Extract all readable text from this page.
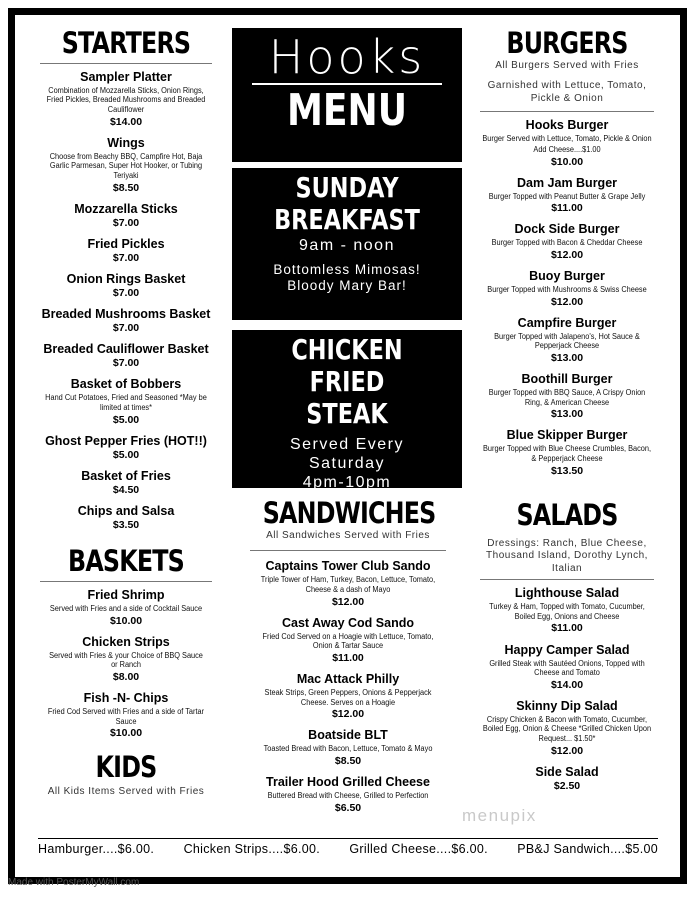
STARTERS
Sampler Platter
Combination of Mozzarella Sticks, Onion Rings, Fried Pickles, Breaded Mushrooms and Breaded Cauliflower
$14.00
Wings
Choose from Beachy BBQ, Campfire Hot, Baja Garlic Parmesan, Super Hot Hooker, or Tubing Teriyaki
$8.50
Mozzarella Sticks
$7.00
Fried Pickles
$7.00
Onion Rings Basket
$7.00
Breaded Mushrooms Basket
$7.00
Breaded Cauliflower Basket
$7.00
Basket of Bobbers
Hand Cut Potatoes, Fried and Seasoned *May be limited at times*
$5.00
Ghost Pepper Fries (HOT!!)
$5.00
Basket of Fries
$4.50
Chips and Salsa
$3.50
BASKETS
Fried Shrimp
Served with Fries and a side of Cocktail Sauce
$10.00
Chicken Strips
Served with Fries & your Choice of BBQ Sauce or Ranch
$8.00
Fish -N- Chips
Fried Cod Served with Fries and a side of Tartar Sauce
$10.00
KIDS
All Kids Items Served with Fries
Hooks
MENU
SUNDAY
BREAKFAST
9am - noon
Bottomless Mimosas!
Bloody Mary Bar!
CHICKEN FRIED
STEAK
Served Every
Saturday
4pm-10pm
SANDWICHES
All Sandwiches Served with Fries
Captains Tower Club Sando
Triple Tower of Ham, Turkey, Bacon, Lettuce, Tomato, Cheese & a dash of Mayo
$12.00
Cast Away Cod Sando
Fried Cod Served on a Hoagie with Lettuce, Tomato, Onion & Tartar Sauce
$11.00
Mac Attack Philly
Steak Strips, Green Peppers, Onions & Pepperjack Cheese. Serves on a Hoagie
$12.00
Boatside BLT
Toasted Bread with Bacon, Lettuce, Tomato & Mayo
$8.50
Trailer Hood Grilled Cheese
Buttered Bread with Cheese, Grilled to Perfection
$6.50
BURGERS
All Burgers Served with Fries
Garnished with Lettuce, Tomato, Pickle & Onion
Hooks Burger
Burger Served with Lettuce, Tomato, Pickle & Onion
Add Cheese....$1.00
$10.00
Dam Jam Burger
Burger Topped with Peanut Butter & Grape Jelly
$11.00
Dock Side Burger
Burger Topped with Bacon & Cheddar Cheese
$12.00
Buoy Burger
Burger Topped with Mushrooms & Swiss Cheese
$12.00
Campfire Burger
Burger Topped with Jalapeno's, Hot Sauce & Pepperjack Cheese
$13.00
Boothill Burger
Burger Topped with BBQ Sauce, A Crispy Onion Ring, & American Cheese
$13.00
Blue Skipper Burger
Burger Topped with Blue Cheese Crumbles, Bacon, & Pepperjack Cheese
$13.50
SALADS
Dressings: Ranch, Blue Cheese, Thousand Island, Dorothy Lynch, Italian
Lighthouse Salad
Turkey & Ham, Topped with Tomato, Cucumber, Boiled Egg, Onions and Cheese
$11.00
Happy Camper Salad
Grilled Steak with Sautéed Onions, Topped with Cheese and Tomato
$14.00
Skinny Dip Salad
Crispy Chicken & Bacon with Tomato, Cucumber, Boiled Egg, Onion & Cheese *Grilled Chicken Upon Request... $1.50*
$12.00
Side Salad
$2.50
menupix
Hamburger....$6.00. Chicken Strips....$6.00. Grilled Cheese....$6.00. PB&J Sandwich....$5.00
Made with PosterMyWall.com
